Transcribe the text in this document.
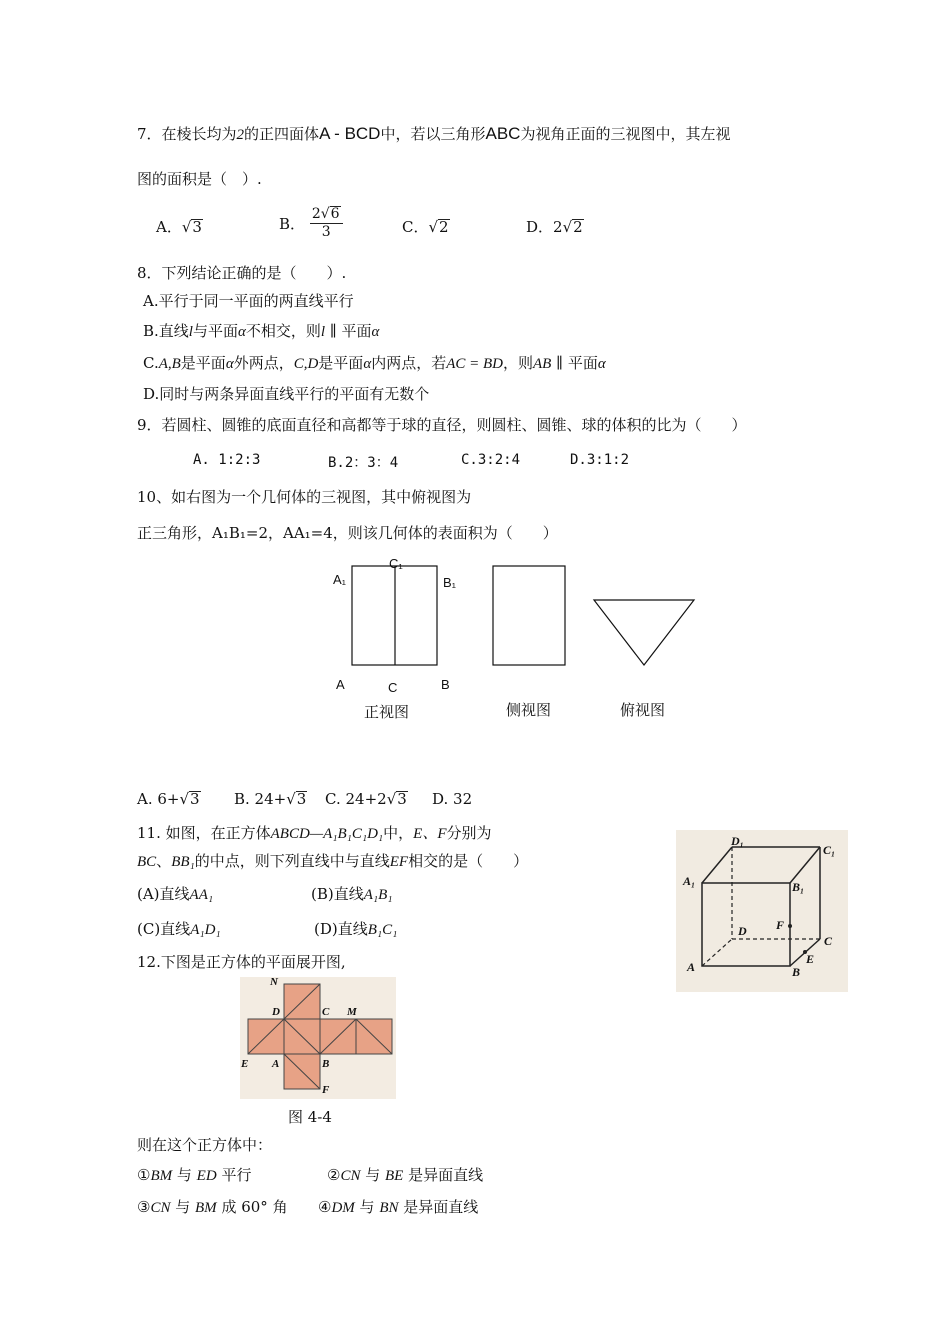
7．在棱长均为2的正四面体A - BCD中，若以三角形ABC为视角正面的三视图中，其左视
图的面积是（　）.
A．√3	B． $\frac{2√6}{3}$	C．√2	D．2√2
8．下列结论正确的是（　　）.
A.平行于同一平面的两直线平行
B.直线l与平面α不相交，则l ∥ 平面α
C.A,B是平面α外两点，C,D是平面α内两点，若AC = BD，则AB ∥ 平面α
D.同时与两条异面直线平行的平面有无数个
9．若圆柱、圆锥的底面直径和高都等于球的直径，则圆柱、圆锥、球的体积的比为（　　）
A. 1:2:3	B.2：3：4	C.3:2:4	D.3:1:2
10、如右图为一个几何体的三视图，其中俯视图为
正三角形，A₁B₁=2，AA₁=4，则该几何体的表面积为（　　）
A₁
C₁
B₁
A	C	B
正视图	侧视图	俯视图
A. 6+√3 B. 24+√3 C. 24+2√3 D. 32
11. 如图，在正方体ABCD—A₁B₁C₁D₁中，E、F分别为
BC、BB₁的中点，则下列直线中与直线EF相交的是（　　）
(A)直线AA₁	(B)直线A₁B₁
(C)直线A₁D₁	(D)直线B₁C₁
D₁
C₁
A₁	B₁
D F
C
A
E
B
12.下图是正方体的平面展开图,
N
D	C M
E A	B
F
图 4-4
则在这个正方体中：
①BM 与 ED 平行	②CN 与 BE 是异面直线
③CN 与 BM 成 60° 角 ④DM 与 BN 是异面直线
